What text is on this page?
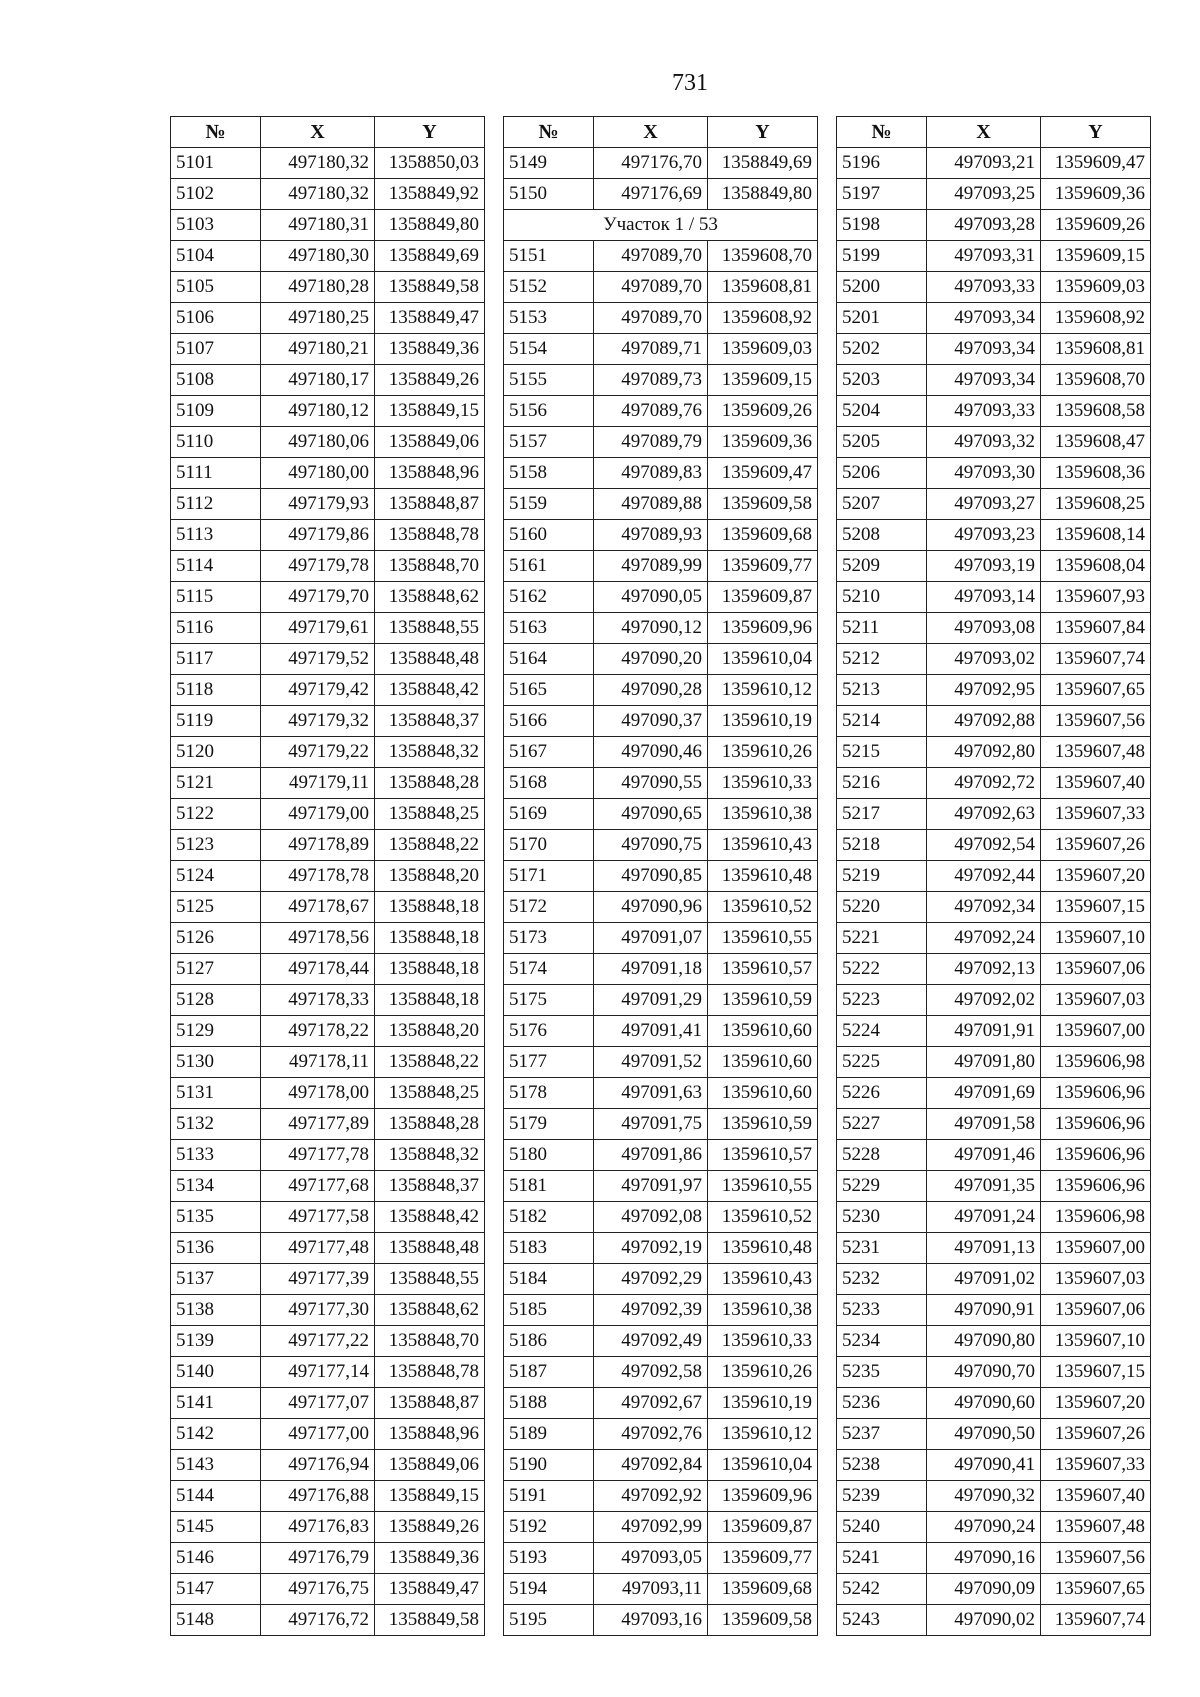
731
№	X	Y
5101	497180,32	1358850,03
5102	497180,32	1358849,92
5103	497180,31	1358849,80
5104	497180,30	1358849,69
5105	497180,28	1358849,58
5106	497180,25	1358849,47
5107	497180,21	1358849,36
5108	497180,17	1358849,26
5109	497180,12	1358849,15
5110	497180,06	1358849,06
5111	497180,00	1358848,96
5112	497179,93	1358848,87
5113	497179,86	1358848,78
5114	497179,78	1358848,70
5115	497179,70	1358848,62
5116	497179,61	1358848,55
5117	497179,52	1358848,48
5118	497179,42	1358848,42
5119	497179,32	1358848,37
5120	497179,22	1358848,32
5121	497179,11	1358848,28
5122	497179,00	1358848,25
5123	497178,89	1358848,22
5124	497178,78	1358848,20
5125	497178,67	1358848,18
5126	497178,56	1358848,18
5127	497178,44	1358848,18
5128	497178,33	1358848,18
5129	497178,22	1358848,20
5130	497178,11	1358848,22
5131	497178,00	1358848,25
5132	497177,89	1358848,28
5133	497177,78	1358848,32
5134	497177,68	1358848,37
5135	497177,58	1358848,42
5136	497177,48	1358848,48
5137	497177,39	1358848,55
5138	497177,30	1358848,62
5139	497177,22	1358848,70
5140	497177,14	1358848,78
5141	497177,07	1358848,87
5142	497177,00	1358848,96
5143	497176,94	1358849,06
5144	497176,88	1358849,15
5145	497176,83	1358849,26
5146	497176,79	1358849,36
5147	497176,75	1358849,47
5148	497176,72	1358849,58
№	X	Y
5149	497176,70	1358849,69
5150	497176,69	1358849,80
Участок 1 / 53		
5151	497089,70	1359608,70
5152	497089,70	1359608,81
5153	497089,70	1359608,92
5154	497089,71	1359609,03
5155	497089,73	1359609,15
5156	497089,76	1359609,26
5157	497089,79	1359609,36
5158	497089,83	1359609,47
5159	497089,88	1359609,58
5160	497089,93	1359609,68
5161	497089,99	1359609,77
5162	497090,05	1359609,87
5163	497090,12	1359609,96
5164	497090,20	1359610,04
5165	497090,28	1359610,12
5166	497090,37	1359610,19
5167	497090,46	1359610,26
5168	497090,55	1359610,33
5169	497090,65	1359610,38
5170	497090,75	1359610,43
5171	497090,85	1359610,48
5172	497090,96	1359610,52
5173	497091,07	1359610,55
5174	497091,18	1359610,57
5175	497091,29	1359610,59
5176	497091,41	1359610,60
5177	497091,52	1359610,60
5178	497091,63	1359610,60
5179	497091,75	1359610,59
5180	497091,86	1359610,57
5181	497091,97	1359610,55
5182	497092,08	1359610,52
5183	497092,19	1359610,48
5184	497092,29	1359610,43
5185	497092,39	1359610,38
5186	497092,49	1359610,33
5187	497092,58	1359610,26
5188	497092,67	1359610,19
5189	497092,76	1359610,12
5190	497092,84	1359610,04
5191	497092,92	1359609,96
5192	497092,99	1359609,87
5193	497093,05	1359609,77
5194	497093,11	1359609,68
5195	497093,16	1359609,58
№	X	Y
5196	497093,21	1359609,47
5197	497093,25	1359609,36
5198	497093,28	1359609,26
5199	497093,31	1359609,15
5200	497093,33	1359609,03
5201	497093,34	1359608,92
5202	497093,34	1359608,81
5203	497093,34	1359608,70
5204	497093,33	1359608,58
5205	497093,32	1359608,47
5206	497093,30	1359608,36
5207	497093,27	1359608,25
5208	497093,23	1359608,14
5209	497093,19	1359608,04
5210	497093,14	1359607,93
5211	497093,08	1359607,84
5212	497093,02	1359607,74
5213	497092,95	1359607,65
5214	497092,88	1359607,56
5215	497092,80	1359607,48
5216	497092,72	1359607,40
5217	497092,63	1359607,33
5218	497092,54	1359607,26
5219	497092,44	1359607,20
5220	497092,34	1359607,15
5221	497092,24	1359607,10
5222	497092,13	1359607,06
5223	497092,02	1359607,03
5224	497091,91	1359607,00
5225	497091,80	1359606,98
5226	497091,69	1359606,96
5227	497091,58	1359606,96
5228	497091,46	1359606,96
5229	497091,35	1359606,96
5230	497091,24	1359606,98
5231	497091,13	1359607,00
5232	497091,02	1359607,03
5233	497090,91	1359607,06
5234	497090,80	1359607,10
5235	497090,70	1359607,15
5236	497090,60	1359607,20
5237	497090,50	1359607,26
5238	497090,41	1359607,33
5239	497090,32	1359607,40
5240	497090,24	1359607,48
5241	497090,16	1359607,56
5242	497090,09	1359607,65
5243	497090,02	1359607,74
